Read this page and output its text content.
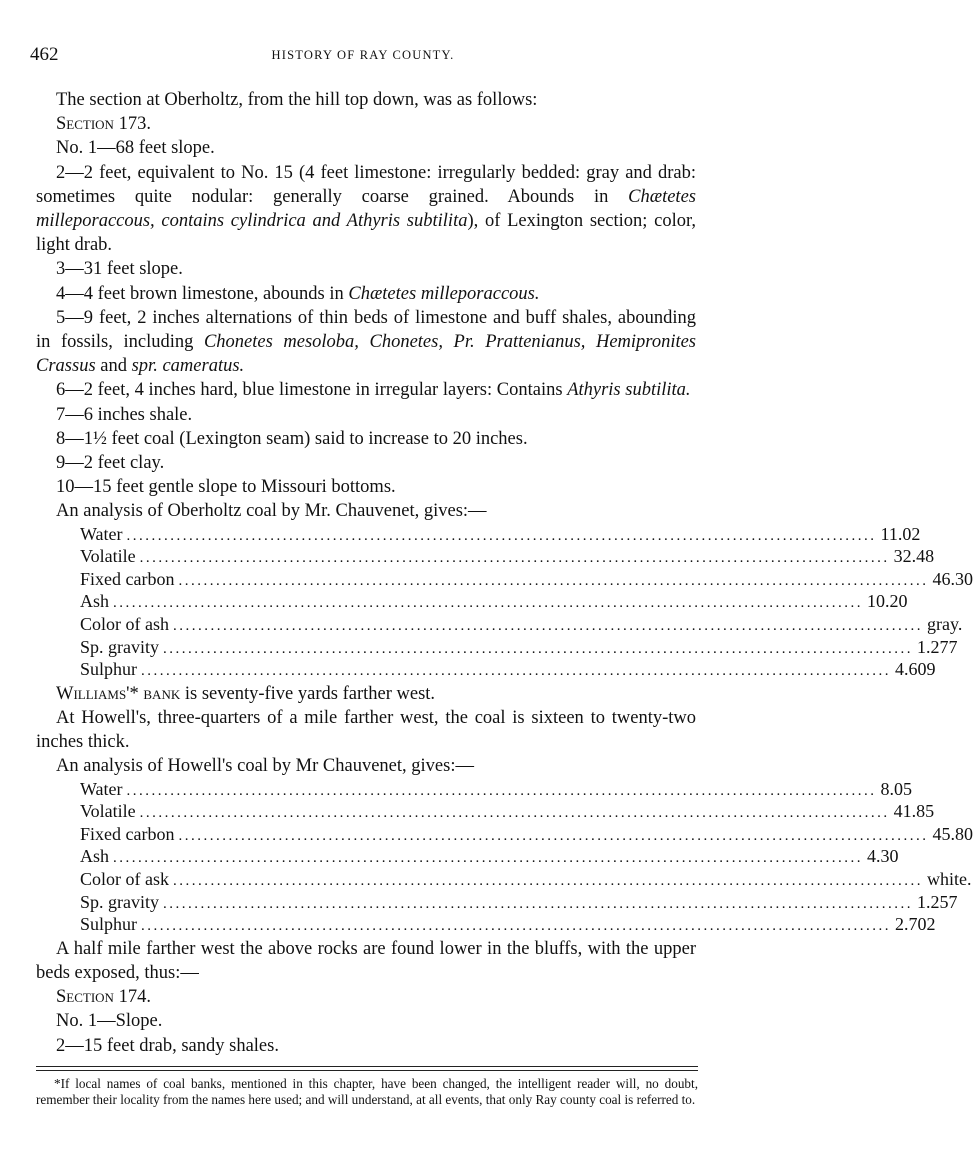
462	HISTORY OF RAY COUNTY.

The section at Oberholtz, from the hill top down, was as follows:

Section 173.

No. 1—68 feet slope.

2—2 feet, equivalent to No. 15 (4 feet limestone: irregularly bedded: gray and drab: sometimes quite nodular: generally coarse grained. Abounds in Chætetes milleporaccous, contains cylindrica and Athyris subtilita), of Lexington section; color, light drab.

3—31 feet slope.

4—4 feet brown limestone, abounds in Chætetes milleporaccous.

5—9 feet, 2 inches alternations of thin beds of limestone and buff shales, abounding in fossils, including Chonetes mesoloba, Chonetes, Pr. Prattenianus, Hemipronites Crassus and spr. cameratus.

6—2 feet, 4 inches hard, blue limestone in irregular layers: Contains Athyris subtilita.

7—6 inches shale.

8—1½ feet coal (Lexington seam) said to increase to 20 inches.

9—2 feet clay.

10—15 feet gentle slope to Missouri bottoms.

An analysis of Oberholtz coal by Mr. Chauvenet, gives:—

Water ........................................................................................................................ 11.02
Volatile ........................................................................................................................ 32.48
Fixed carbon ........................................................................................................................ 46.30
Ash ........................................................................................................................ 10.20
Color of ash ........................................................................................................................ gray.
Sp. gravity ........................................................................................................................ 1.277
Sulphur ........................................................................................................................ 4.609

Williams'* bank is seventy-five yards farther west.

At Howell's, three-quarters of a mile farther west, the coal is sixteen to twenty-two inches thick.

An analysis of Howell's coal by Mr Chauvenet, gives:—

Water ........................................................................................................................ 8.05
Volatile ........................................................................................................................ 41.85
Fixed carbon ........................................................................................................................ 45.80
Ash ........................................................................................................................ 4.30
Color of ask ........................................................................................................................ white.
Sp. gravity ........................................................................................................................ 1.257
Sulphur ........................................................................................................................ 2.702

A half mile farther west the above rocks are found lower in the bluffs, with the upper beds exposed, thus:—

Section 174.

No. 1—Slope.

2—15 feet drab, sandy shales.

*If local names of coal banks, mentioned in this chapter, have been changed, the intelligent reader will, no doubt, remember their locality from the names here used; and will understand, at all events, that only Ray county coal is referred to.
